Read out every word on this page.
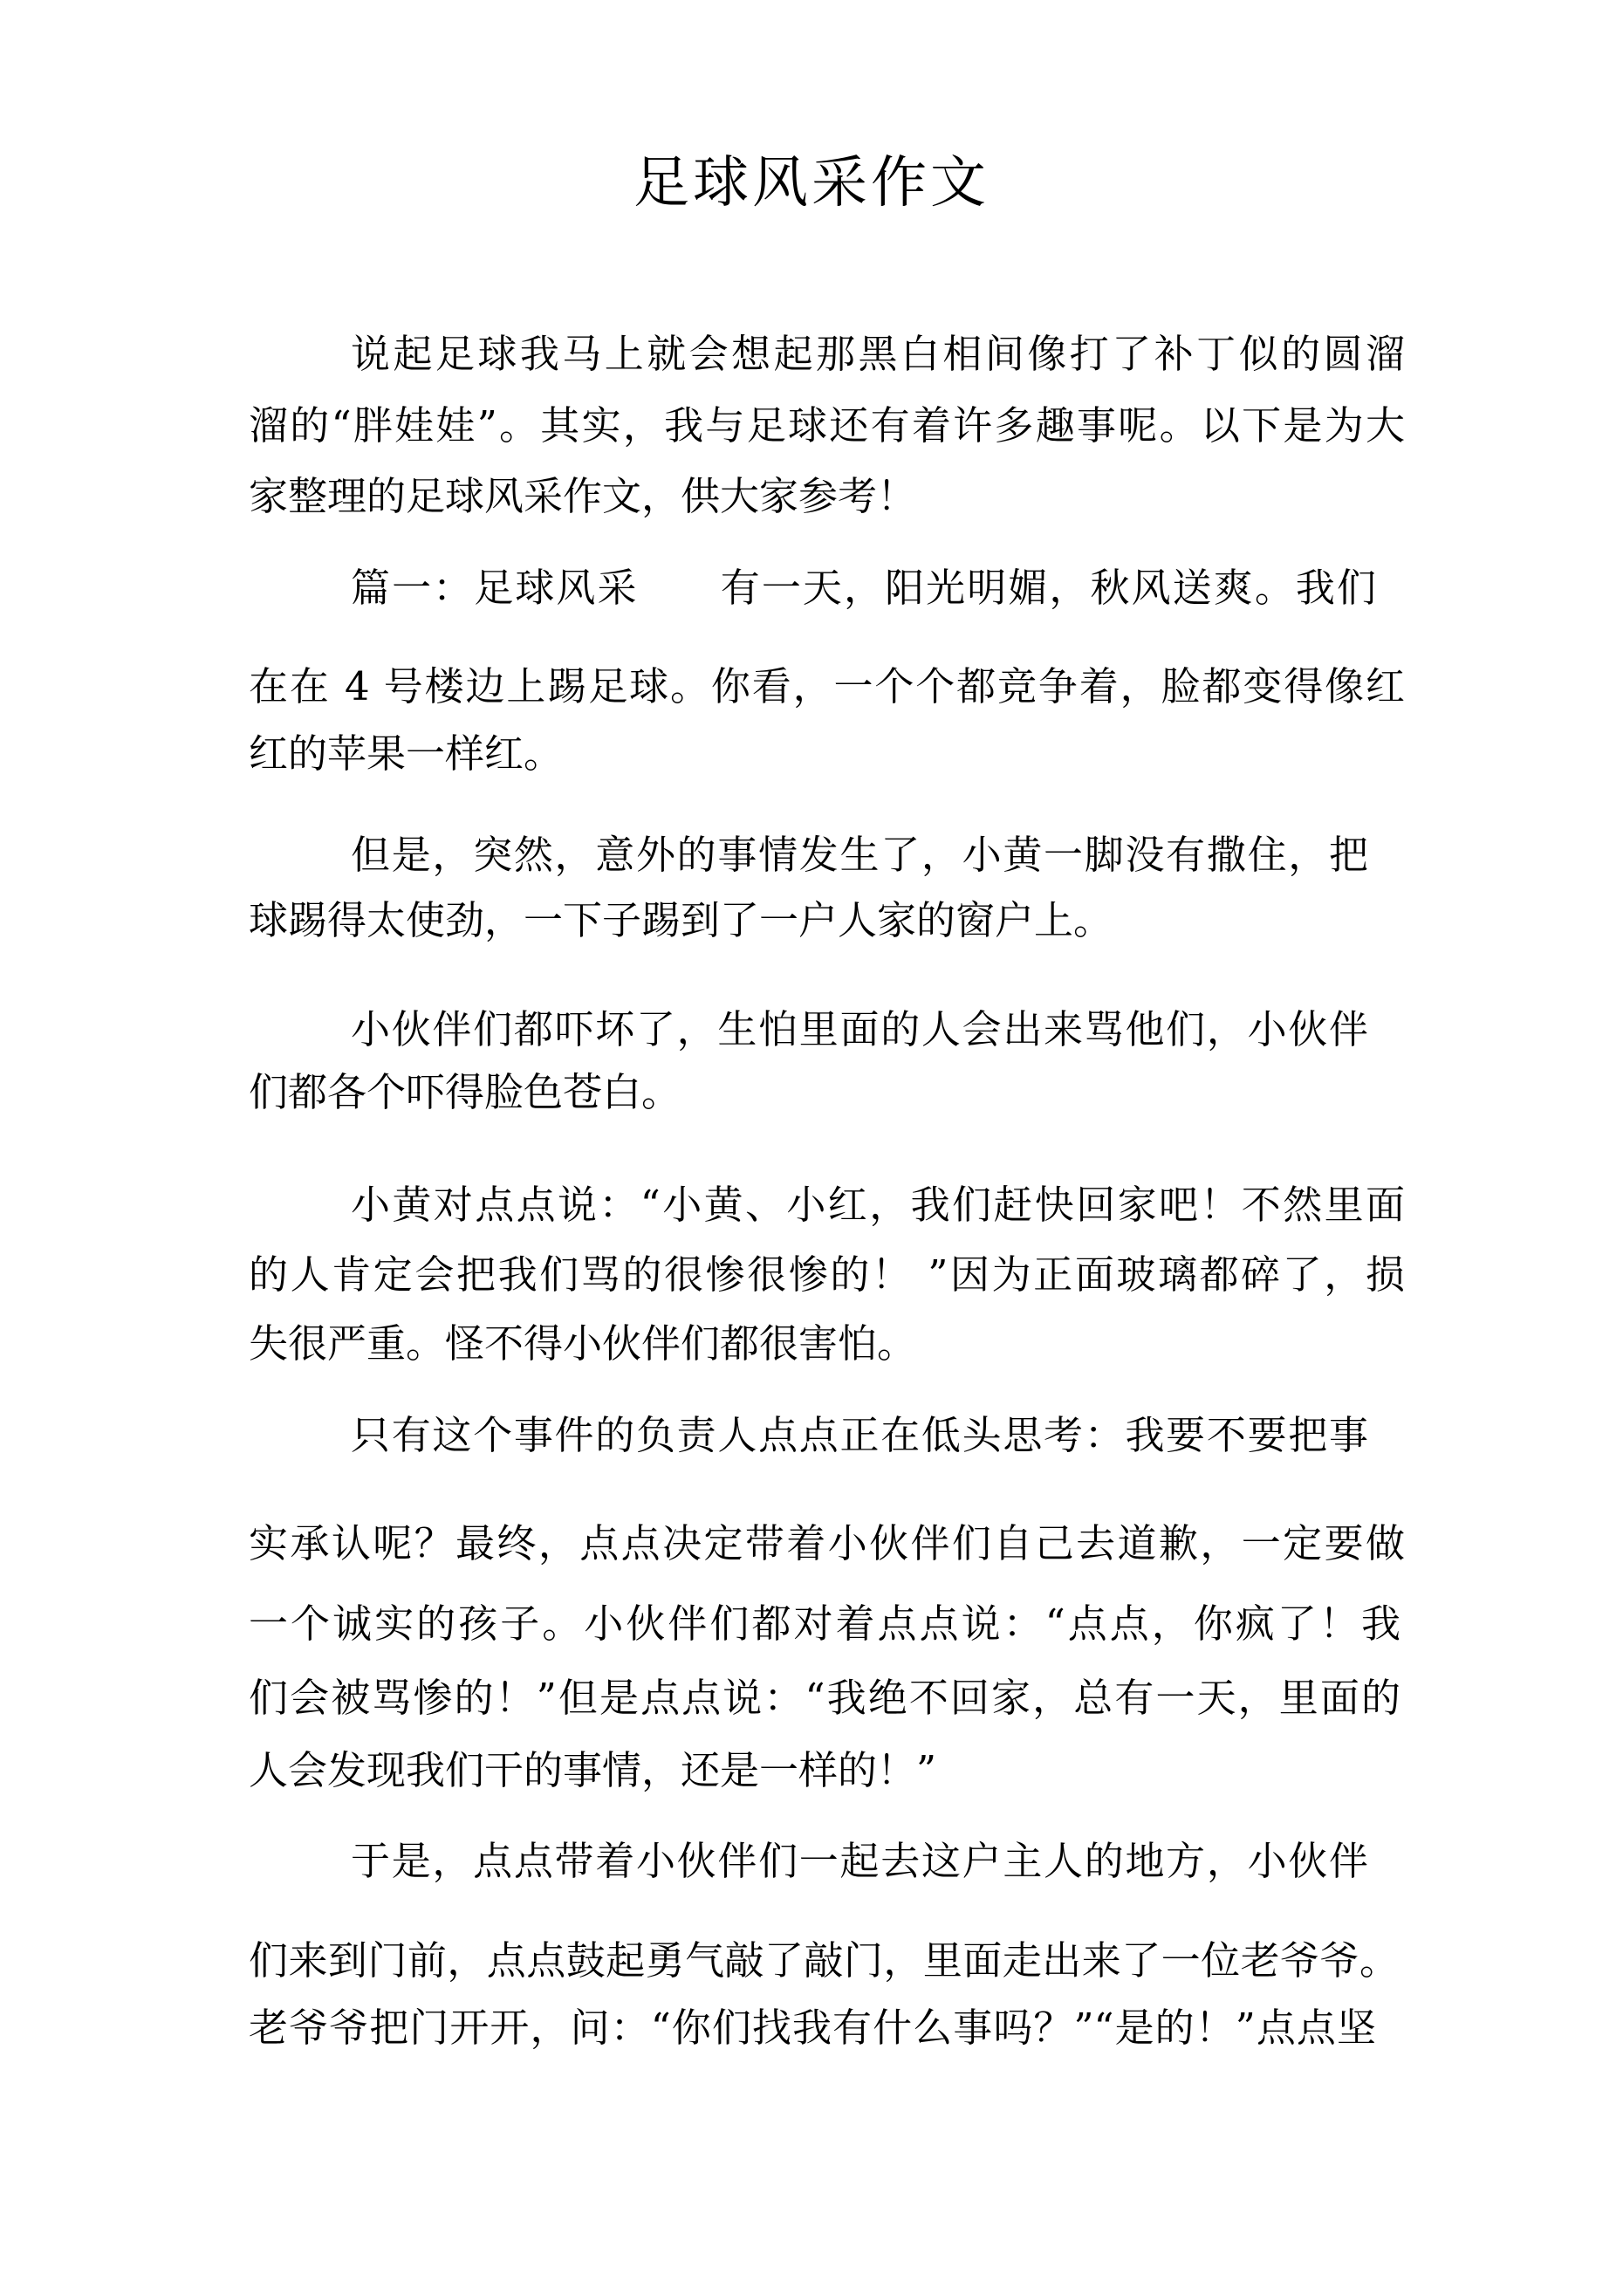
足球风采作文
说起足球我马上就会想起那黑白相间像打了补丁似的圆溜
溜的“胖娃娃”。其实，我与足球还有着许多趣事呢。以下是为大
家整理的足球风采作文，供大家参考！
篇一：足球风采　　有一天，阳光明媚，秋风送爽。我们
在在 4 号楼边上踢足球。你看，一个个都竞争着，脸都变得像红
红的苹果一样红。
但是，突然，意外的事情发生了，小黄一脚没有撒住，把
球踢得太使劲，一下子踢到了一户人家的窗户上。
小伙伴们都吓坏了，生怕里面的人会出来骂他们，小伙伴
们都各个吓得脸色苍白。
小黄对点点说：“小黄、小红，我们赶快回家吧！不然里面
的人肯定会把我们骂的很惨很惨的！ ”因为正面玻璃都碎了，损
失很严重。怪不得小伙伴们都很害怕。
只有这个事件的负责人点点正在低头思考：我要不要把事
实承认呢？最终，点点决定带着小伙伴们自己去道歉，一定要做
一个诚实的孩子。小伙伴们都对着点点说：“点点，你疯了！我
们会被骂惨的！”但是点点说：“我绝不回家，总有一天，里面的
人会发现我们干的事情，还是一样的！”
于是，点点带着小伙伴们一起去这户主人的地方，小伙伴
们来到门前，点点鼓起勇气敲了敲门，里面走出来了一位老爷爷。
老爷爷把门开开，问：“你们找我有什么事吗？”“是的！”点点坚
